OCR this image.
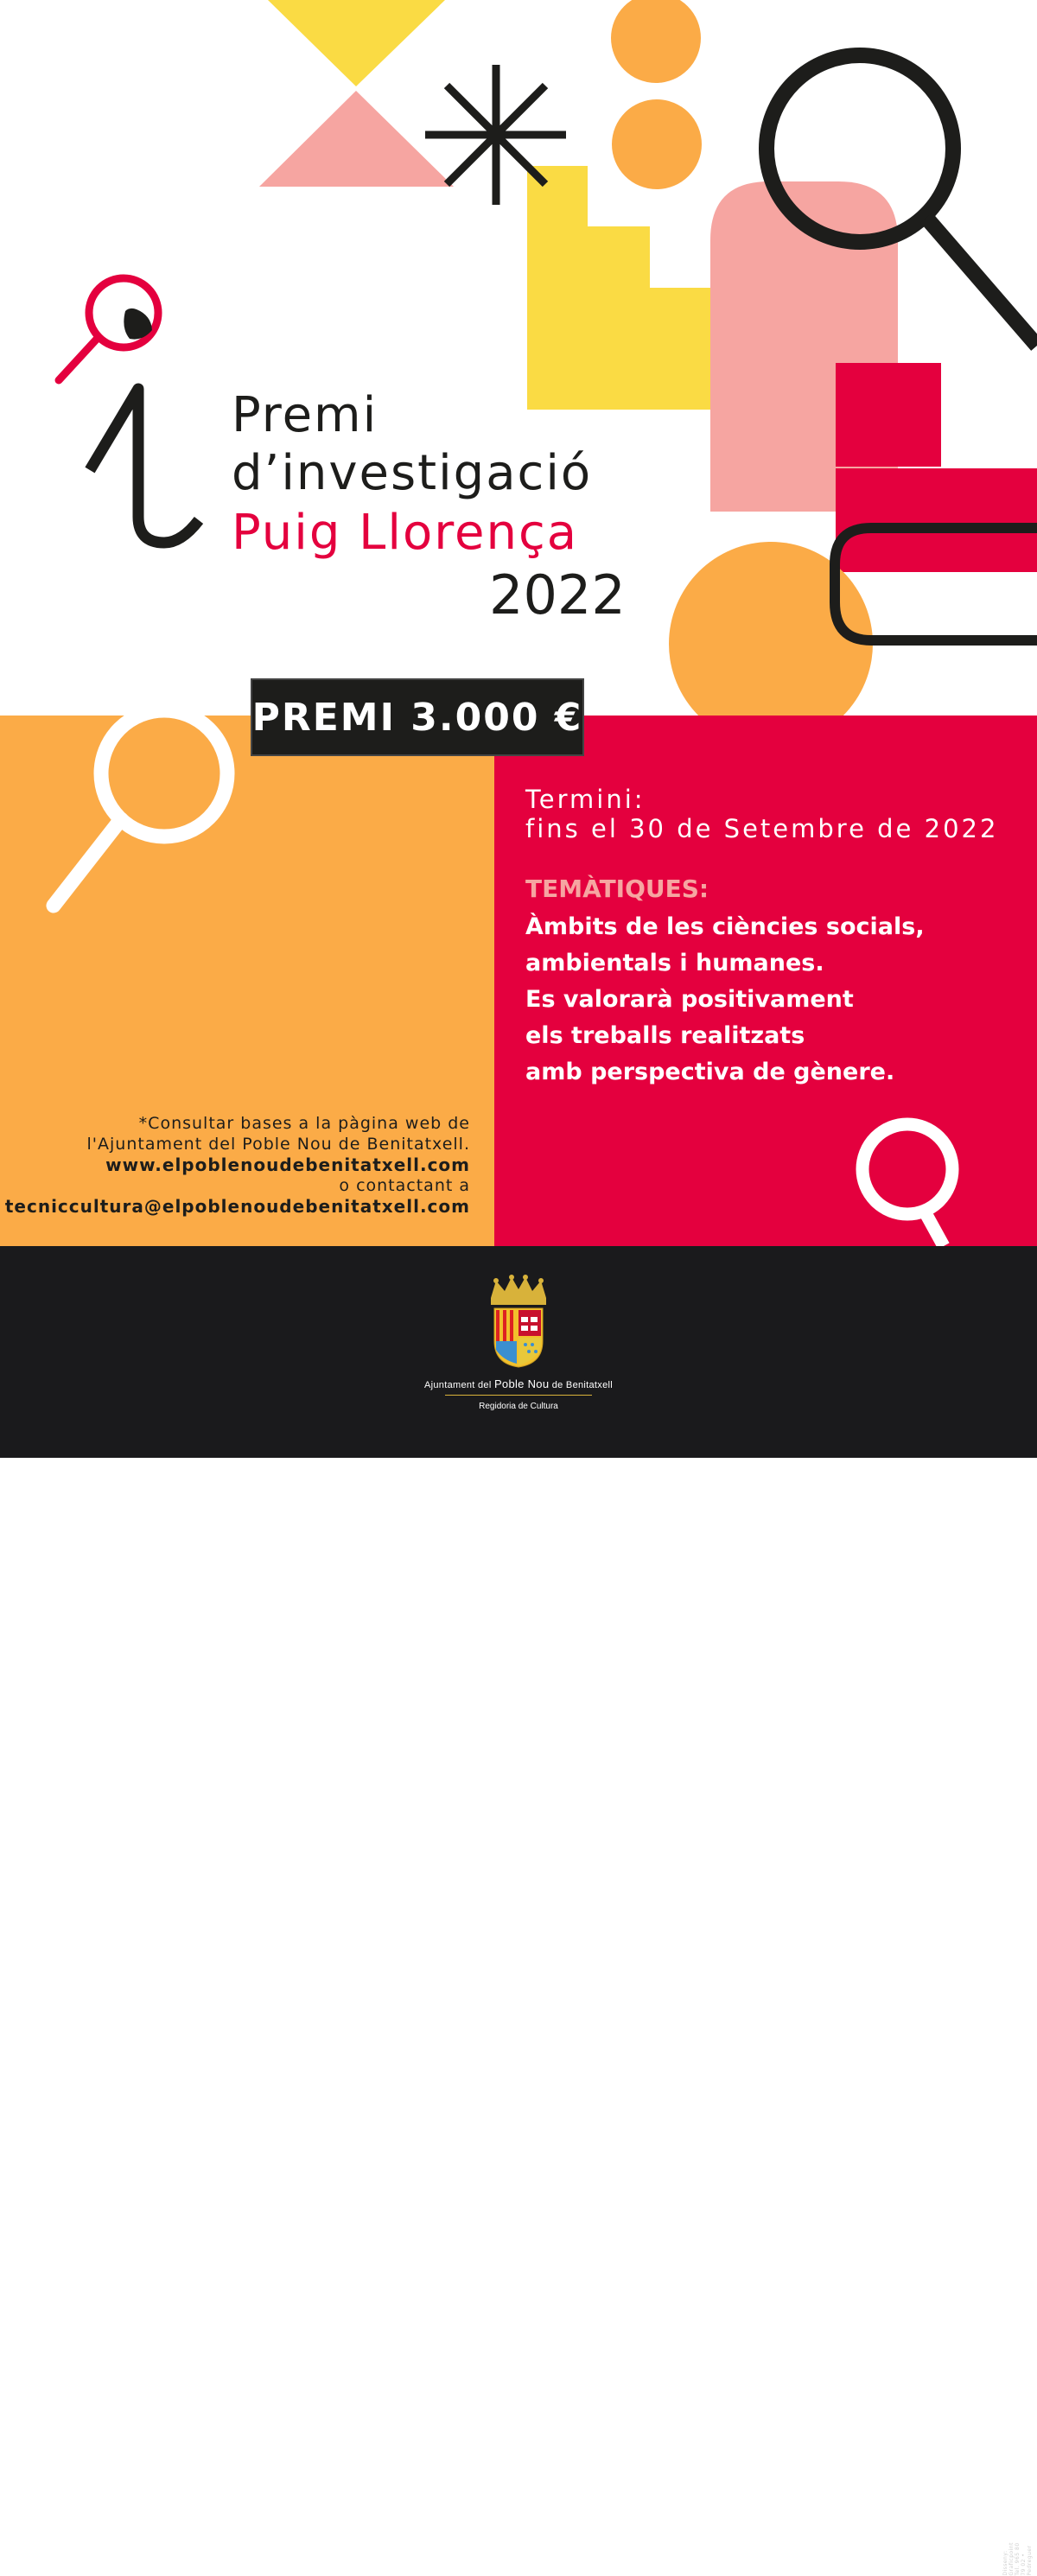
Premi
d’investigació
Puig Llorença
2022
PREMI 3.000 €
Termini:
fins el 30 de Setembre de 2022
TEMÀTIQUES:
Àmbits de les ciències socials,
ambientals i humanes.
Es valorarà positivament
els treballs realitzats
amb perspectiva de gènere.
*Consultar bases a la pàgina web de
l'Ajuntament del Poble Nou de Benitatxell.
www.elpoblenoudebenitatxell.com
o contactant a
tecniccultura@elpoblenoudebenitatxell.com
Ajuntament del Poble Nou de Benitatxell
Regidoria de Cultura
Disseny: Graficpoint Tel. 965 80 79 02 • Pedreguer
